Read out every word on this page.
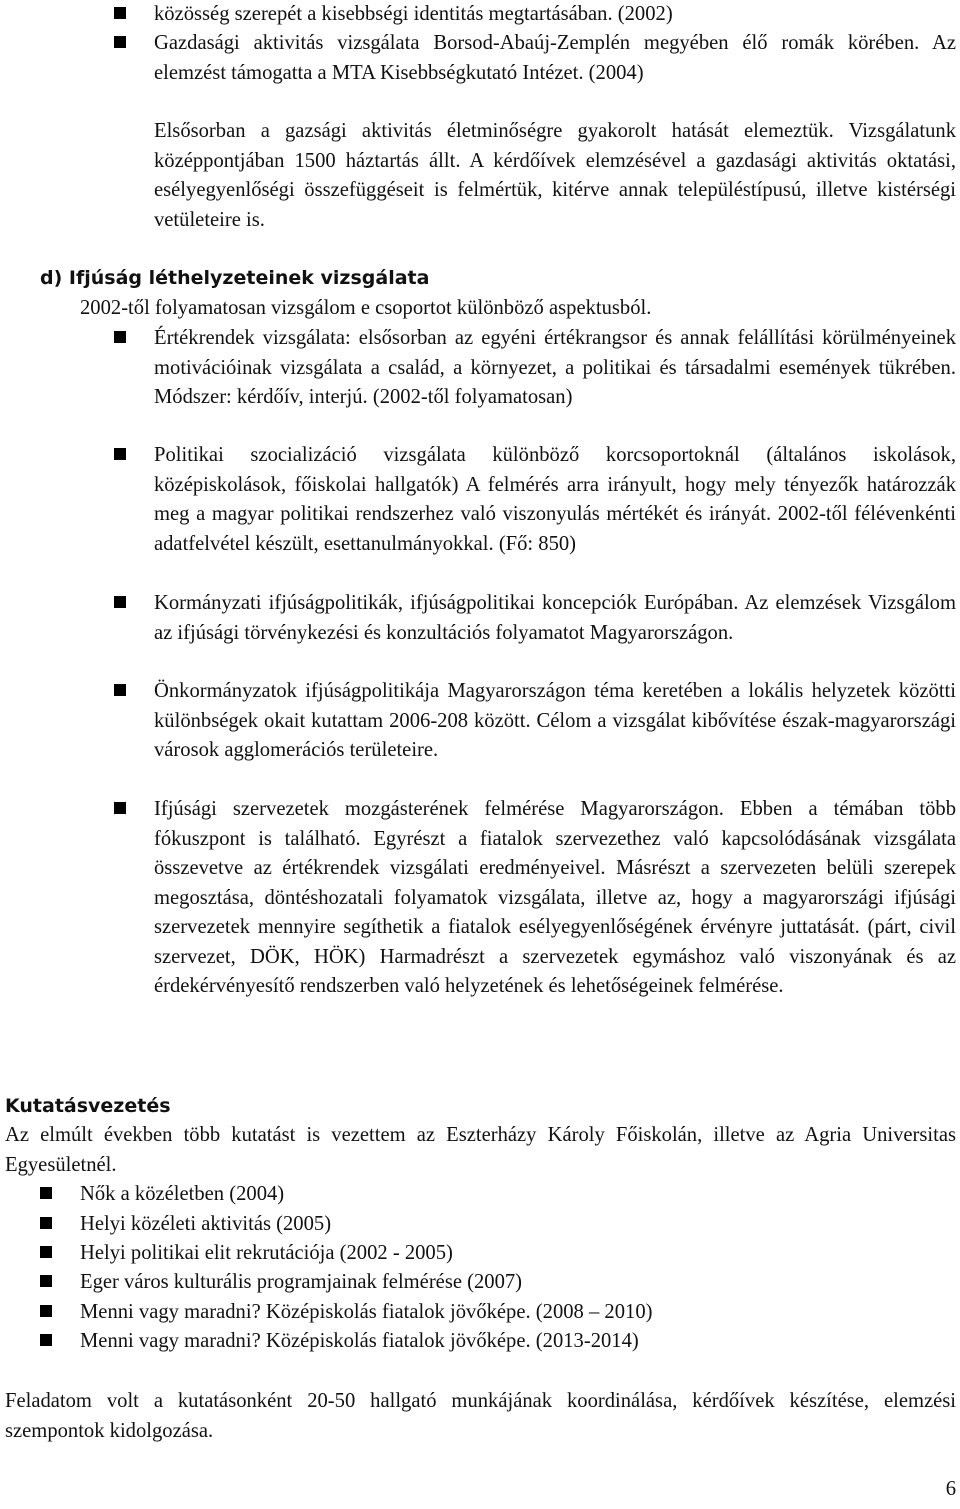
közösség szerepét a kisebbségi identitás megtartásában. (2002)

Gazdasági aktivitás vizsgálata Borsod-Abaúj-Zemplén megyében élő romák körében. Az elemzést támogatta a MTA Kisebbségkutató Intézet. (2004)

Elsősorban a gazsági aktivitás életminőségre gyakorolt hatását elemeztük. Vizsgálatunk középpontjában 1500 háztartás állt. A kérdőívek elemzésével a gazdasági aktivitás oktatási, esélyegyenlőségi összefüggéseit is felmértük, kitérve annak településtípusú, illetve kistérségi vetületeire is.

d) Ifjúság léthelyzeteinek vizsgálata

2002-től folyamatosan vizsgálom e csoportot különböző aspektusból.

Értékrendek vizsgálata: elsősorban az egyéni értékrangsor és annak felállítási körülményeinek motivációinak vizsgálata a család, a környezet, a politikai és társadalmi események tükrében. Módszer: kérdőív, interjú. (2002-től folyamatosan)

Politikai szocializáció vizsgálata különböző korcsoportoknál (általános iskolások, középiskolások, főiskolai hallgatók) A felmérés arra irányult, hogy mely tényezők határozzák meg a magyar politikai rendszerhez való viszonyulás mértékét és irányát. 2002-től félévenkénti adatfelvétel készült, esettanulmányokkal. (Fő: 850)

Kormányzati ifjúságpolitikák, ifjúságpolitikai koncepciók Európában. Az elemzések Vizsgálom az ifjúsági törvénykezési és konzultációs folyamatot Magyarországon.

Önkormányzatok ifjúságpolitikája Magyarországon téma keretében a lokális helyzetek közötti különbségek okait kutattam 2006-208 között. Célom a vizsgálat kibővítése észak-magyarországi városok agglomerációs területeire.

Ifjúsági szervezetek mozgásterének felmérése Magyarországon. Ebben a témában több fókuszpont is található. Egyrészt a fiatalok szervezethez való kapcsolódásának vizsgálata összevetve az értékrendek vizsgálati eredményeivel. Másrészt a szervezeten belüli szerepek megosztása, döntéshozatali folyamatok vizsgálata, illetve az, hogy a magyarországi ifjúsági szervezetek mennyire segíthetik a fiatalok esélyegyenlőségének érvényre juttatását. (párt, civil szervezet, DÖK, HÖK) Harmadrészt a szervezetek egymáshoz való viszonyának és az érdekérvényesítő rendszerben való helyzetének és lehetőségeinek felmérése.

Kutatásvezetés

Az elmúlt években több kutatást is vezettem az Eszterházy Károly Főiskolán, illetve az Agria Universitas Egyesületnél.

Nők a közéletben (2004)

Helyi közéleti aktivitás (2005)

Helyi politikai elit rekrutációja (2002 - 2005)

Eger város kulturális programjainak felmérése (2007)

Menni vagy maradni? Középiskolás fiatalok jövőképe. (2008 – 2010)

Menni vagy maradni? Középiskolás fiatalok jövőképe. (2013-2014)

Feladatom volt a kutatásonként 20-50 hallgató munkájának koordinálása, kérdőívek készítése, elemzési szempontok kidolgozása.

6
